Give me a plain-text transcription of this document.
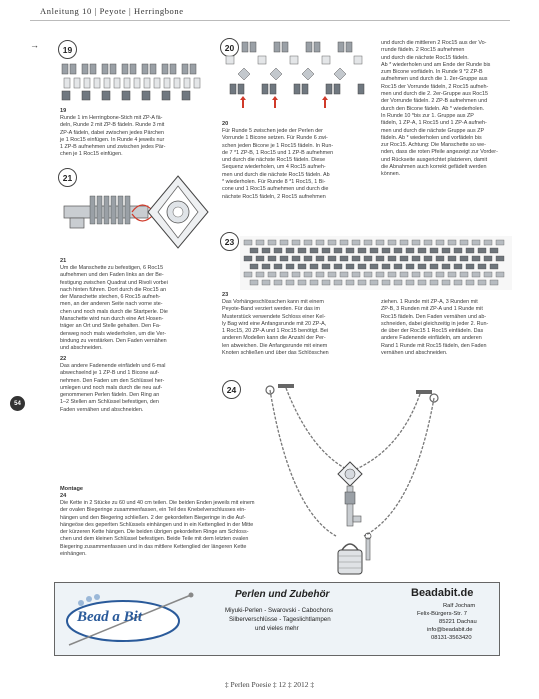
Anleitung 10 | Peyote | Herringbone
→
54
19
19
Runde 1 im Herringbone-Stich mit ZP-A fä-
deln, Runde 2 mit ZP-B fädeln. Runde 3 mit
ZP-A fädeln, dabei zwischen jedes Pärchen
je 1 Roc15 einfügen. In Runde 4 jeweils nur
1 ZP-B aufnehmen und zwischen jedes Pär-
chen je 1 Roc15 einfügen.
21
21
Um die Manschette zu befestigen, 6 Roc15
aufnehmen und den Faden links an der Be-
festigung zwischen Quadrat und Rivoli vorbei
nach hinten führen. Dort durch die Roc15 an
der Manschette stechen, 6 Roc15 aufneh-
men, an der anderen Seite nach vorne ste-
chen und noch mals durch die Startperle. Die
Manschette wird nun durch eine Art Hosen-
träger an Ort und Stelle gehalten. Den Fa-
denweg noch mals wiederholen, um die Ver-
bindung zu verstärken. Den Faden vernähen
und abschneiden.
22
Das andere Fadenende einfädeln und 6-mal
abwechselnd je 1 ZP-B und 1 Bicone auf-
nehmen. Den Faden um den Schlüssel her-
umlegen und noch mals durch die neu auf-
genommenen Perlen fädeln. Den Ring an
1–2 Stellen am Schlüssel befestigen, den
Faden vernähen und abschneiden.
20
20
Für Runde 5 zwischen jede der Perlen der
Vorrunde 1 Bicone setzen. Für Runde 6 zwi-
schen jeden Bicone je 1 Roc15 fädeln. In Run-
de 7 *1 ZP-B, 1 Roc15 und 1 ZP-B aufnehmen
und durch die nächste Roc15 fädeln. Diese
Sequenz wiederholen, um 4 Roc15 aufneh-
men und durch die nächste Roc15 fädeln. Ab
* wiederholen. Für Runde 8 *1 Roc15, 1 Bi-
cone und 1 Roc15 aufnehmen und durch die
nächste Roc15 fädeln, 2 Roc15 aufnehmen
und durch die mittleren 2 Roc15 aus der Vo-
rrunde fädeln. 2 Roc15 aufnehmen
und durch die nächste Roc15 fädeln.
Ab * wiederholen und am Ende der Runde bis
zum Bicone vorfädeln. In Runde 9 *2 ZP-B
aufnehmen und durch die 1. 2er-Gruppe aus
Roc15 der Vorrunde fädeln, 2 Roc15 aufneh-
men und durch die 2. 2er-Gruppe aus Roc15
der Vorrunde fädeln. 2 ZP-B aufnehmen und
durch den Bicone fädeln. Ab * wiederholen.
In Runde 10 *bis zur 1. Gruppe aus ZP
fädeln, 1 ZP-A, 1 Roc15 und 1 ZP-A aufneh-
men und durch die nächste Gruppe aus ZP
fädeln. Ab * wiederholen und vorfädeln bis
zur Roc15. Achtung: Die Manschette so we-
nden, dass die roten Pfeile angezeigt zur Vorder-
und Rückseite ausgerichtet platzieren, damit
die Abnahmen auch korrekt gefädelt werden
können.
23
23
Das Vorhängeschlösschen kann mit einem
Peyote-Band verziert werden. Für das im
Musterstück verwendete Schloss einer Kel-
ly Bag wird eine Anfangsrunde mit 20 ZP-A,
1 Roc15, 20 ZP-A und 1 Roc15 benötigt. Bei
anderen Modellen kann die Anzahl der Per-
len abweichen. Die Anfangsrunde mit einem
Knoten schließen und über das Schlösschen
ziehen. 1 Runde mit ZP-A, 3 Runden mit
ZP-B, 3 Runden mit ZP-A und 1 Runde mit
Roc15 fädeln. Den Faden vernähen und ab-
schneiden, dabei gleichzeitig in jeder 2. Run-
de über der Roc15 1 Roc15 einfädeln. Das
andere Fadenende einfädeln, am anderen
Rand 1 Runde mit Roc15 fädeln, den Faden
vernähen und abschneiden.
24
Montage
24
Die Kette in 2 Stücke zu 60 und 40 cm teilen. Die beiden Enden jeweils mit einem
der ovalen Biegeringe zusammenfassen, ein Teil des Knebelverschlusses ein-
hängen und den Biegering schließen. 2 der gekordelten Biegeringe in die Auf-
hängeöse des geperlten Schlüssels einhängen und in ein Kettenglied in der Mitte
der kürzeren Kette hängen. Die beiden übrigen gekordelten Ringe am Schloss-
chen und dem kleinen Schlüssel befestigen. Beide Teile mit dem letzten ovalen
Biegering zusammenfassen und in das mittlere Kettenglied der längeren Kette
einhängen.
Bead a Bit
Perlen und Zubehör
Miyuki-Perlen - Swarovski - Cabochons
Silberverschlüsse - Tageslichtlampen
und vieles mehr
Beadabit.de
Ralf Jocham
Felix-Bürgers-Str. 7
85221 Dachau
info@beadabit.de
08131-3563420
‡ Perlen Poesie ‡ 12 ‡ 2012 ‡
